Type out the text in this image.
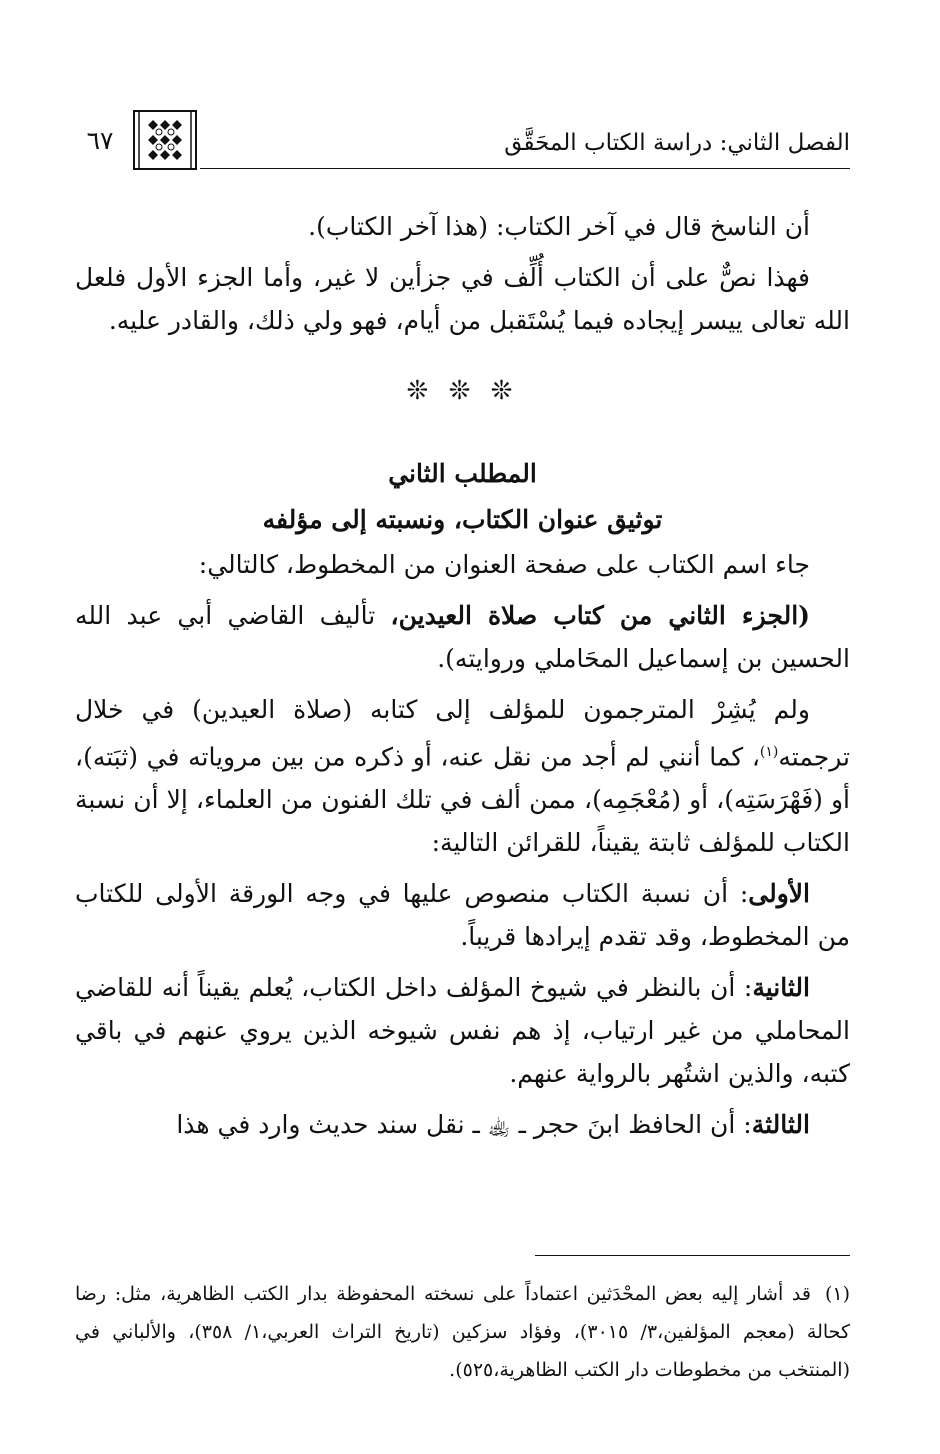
الفصل الثاني: دراسة الكتاب المحَقَّق
٦٧

أن الناسخ قال في آخر الكتاب: (هذا آخر الكتاب).

فهذا نصٌّ على أن الكتاب أُلِّف في جزأين لا غير، وأما الجزء الأول فلعل الله تعالى ييسر إيجاده فيما يُسْتَقبل من أيام، فهو ولي ذلك، والقادر عليه.

❊ ❊ ❊

المطلب الثاني

توثيق عنوان الكتاب، ونسبته إلى مؤلفه

جاء اسم الكتاب على صفحة العنوان من المخطوط، كالتالي:

(الجزء الثاني من كتاب صلاة العيدين، تأليف القاضي أبي عبد الله الحسين بن إسماعيل المحَاملي وروايته).

ولم يُشِرْ المترجمون للمؤلف إلى كتابه (صلاة العيدين) في خلال ترجمته$^{(١)}$، كما أنني لم أجد من نقل عنه، أو ذكره من بين مروياته في (ثبَته)، أو (فَهْرَسَتِه)، أو (مُعْجَمِه)، ممن ألف في تلك الفنون من العلماء، إلا أن نسبة الكتاب للمؤلف ثابتة يقيناً، للقرائن التالية:

الأولى: أن نسبة الكتاب منصوص عليها في وجه الورقة الأولى للكتاب من المخطوط، وقد تقدم إيرادها قريباً.

الثانية: أن بالنظر في شيوخ المؤلف داخل الكتاب، يُعلم يقيناً أنه للقاضي المحاملي من غير ارتياب، إذ هم نفس شيوخه الذين يروي عنهم في باقي كتبه، والذين اشتُهر بالرواية عنهم.

الثالثة: أن الحافظ ابنَ حجر ـ ﵀ ـ نقل سند حديث وارد في هذا

(١)قد أشار إليه بعض المحْدَثين اعتماداً على نسخته المحفوظة بدار الكتب الظاهرية، مثل: رضا كحالة (معجم المؤلفين،٣/ ٣٠١٥)، وفؤاد سزكين (تاريخ التراث العربي،١/ ٣٥٨)، والألباني في (المنتخب من مخطوطات دار الكتب الظاهرية،٥٢٥).
